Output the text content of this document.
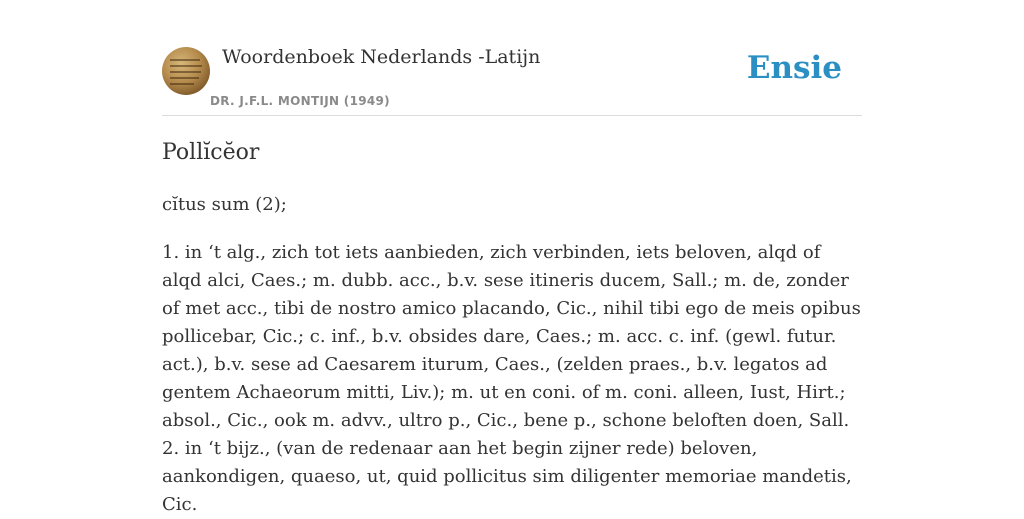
Woordenboek Nederlands -Latijn
DR. J.F.L. MONTIJN (1949)
Ensie
Pollĭcĕor
cĭtus sum (2);

1. in ‘t alg., zich tot iets aanbieden, zich verbinden, iets beloven, alqd of alqd alci, Caes.; m. dubb. acc., b.v. sese itineris ducem, Sall.; m. de, zonder of met acc., tibi de nostro amico placando, Cic., nihil tibi ego de meis opibus pollicebar, Cic.; c. inf., b.v. obsides dare, Caes.; m. acc. c. inf. (gewl. futur. act.), b.v. sese ad Caesarem iturum, Caes., (zelden praes., b.v. legatos ad gentem Achaeorum mitti, Liv.); m. ut en coni. of m. coni. alleen, Iust, Hirt.; absol., Cic., ook m. advv., ultro p., Cic., bene p., schone beloften doen, Sall.

2. in ‘t bijz., (van de redenaar aan het begin zijner rede) beloven, aankondigen, quaeso, ut, quid pollicitus sim diligenter memoriae mandetis, Cic.
